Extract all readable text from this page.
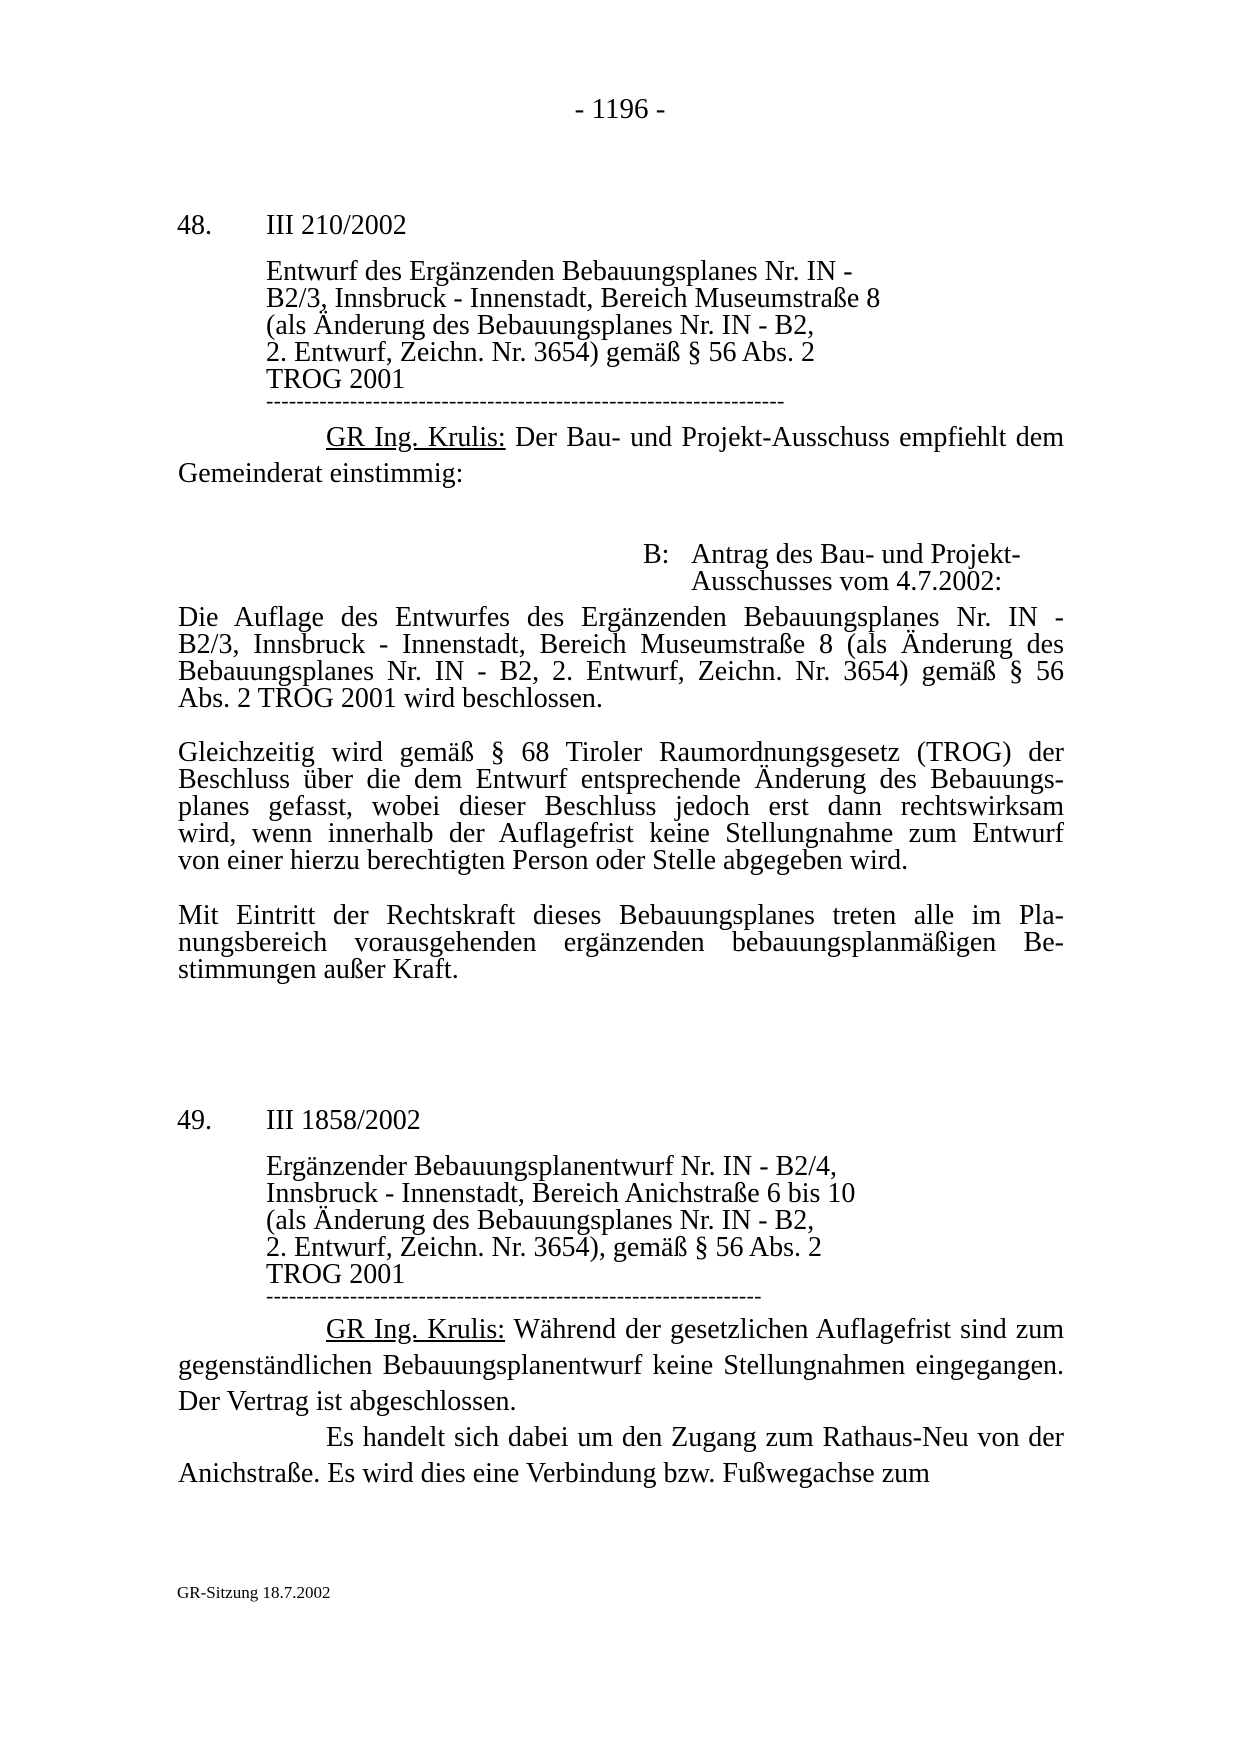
- 1196 -
48. III 210/2002
Entwurf des Ergänzenden Bebauungsplanes Nr. IN -
B2/3, Innsbruck - Innenstadt, Bereich Museumstraße 8
(als Änderung des Bebauungsplanes Nr. IN - B2,
2. Entwurf, Zeichn. Nr. 3654) gemäß § 56 Abs. 2
TROG 2001
--------------------------------------------------------------------

GR Ing. Krulis: Der Bau- und Projekt-Ausschuss empfiehlt dem Gemeinderat einstimmig:

B: Antrag des Bau- und Projekt-
Ausschusses vom 4.7.2002:
Die Auflage des Entwurfes des Ergänzenden Bebauungsplanes Nr. IN -
B2/3, Innsbruck - Innenstadt, Bereich Museumstraße 8 (als Änderung des
Bebauungsplanes Nr. IN - B2, 2. Entwurf, Zeichn. Nr. 3654) gemäß § 56
Abs. 2 TROG 2001 wird beschlossen.
Gleichzeitig wird gemäß § 68 Tiroler Raumordnungsgesetz (TROG) der
Beschluss über die dem Entwurf entsprechende Änderung des Bebauungs-
planes gefasst, wobei dieser Beschluss jedoch erst dann rechtswirksam
wird, wenn innerhalb der Auflagefrist keine Stellungnahme zum Entwurf
von einer hierzu berechtigten Person oder Stelle abgegeben wird.
Mit Eintritt der Rechtskraft dieses Bebauungsplanes treten alle im Pla-
nungsbereich vorausgehenden ergänzenden bebauungsplanmäßigen Be-
stimmungen außer Kraft.
49. III 1858/2002
Ergänzender Bebauungsplanentwurf Nr. IN - B2/4,
Innsbruck - Innenstadt, Bereich Anichstraße 6 bis 10
(als Änderung des Bebauungsplanes Nr. IN - B2,
2. Entwurf, Zeichn. Nr. 3654), gemäß § 56 Abs. 2
TROG 2001
-----------------------------------------------------------------

GR Ing. Krulis: Während der gesetzlichen Auflagefrist sind zum gegenständlichen Bebauungsplanentwurf keine Stellungnahmen eingegangen. Der Vertrag ist abgeschlossen.

Es handelt sich dabei um den Zugang zum Rathaus-Neu von der Anichstraße. Es wird dies eine Verbindung bzw. Fußwegachse zum

GR-Sitzung 18.7.2002
